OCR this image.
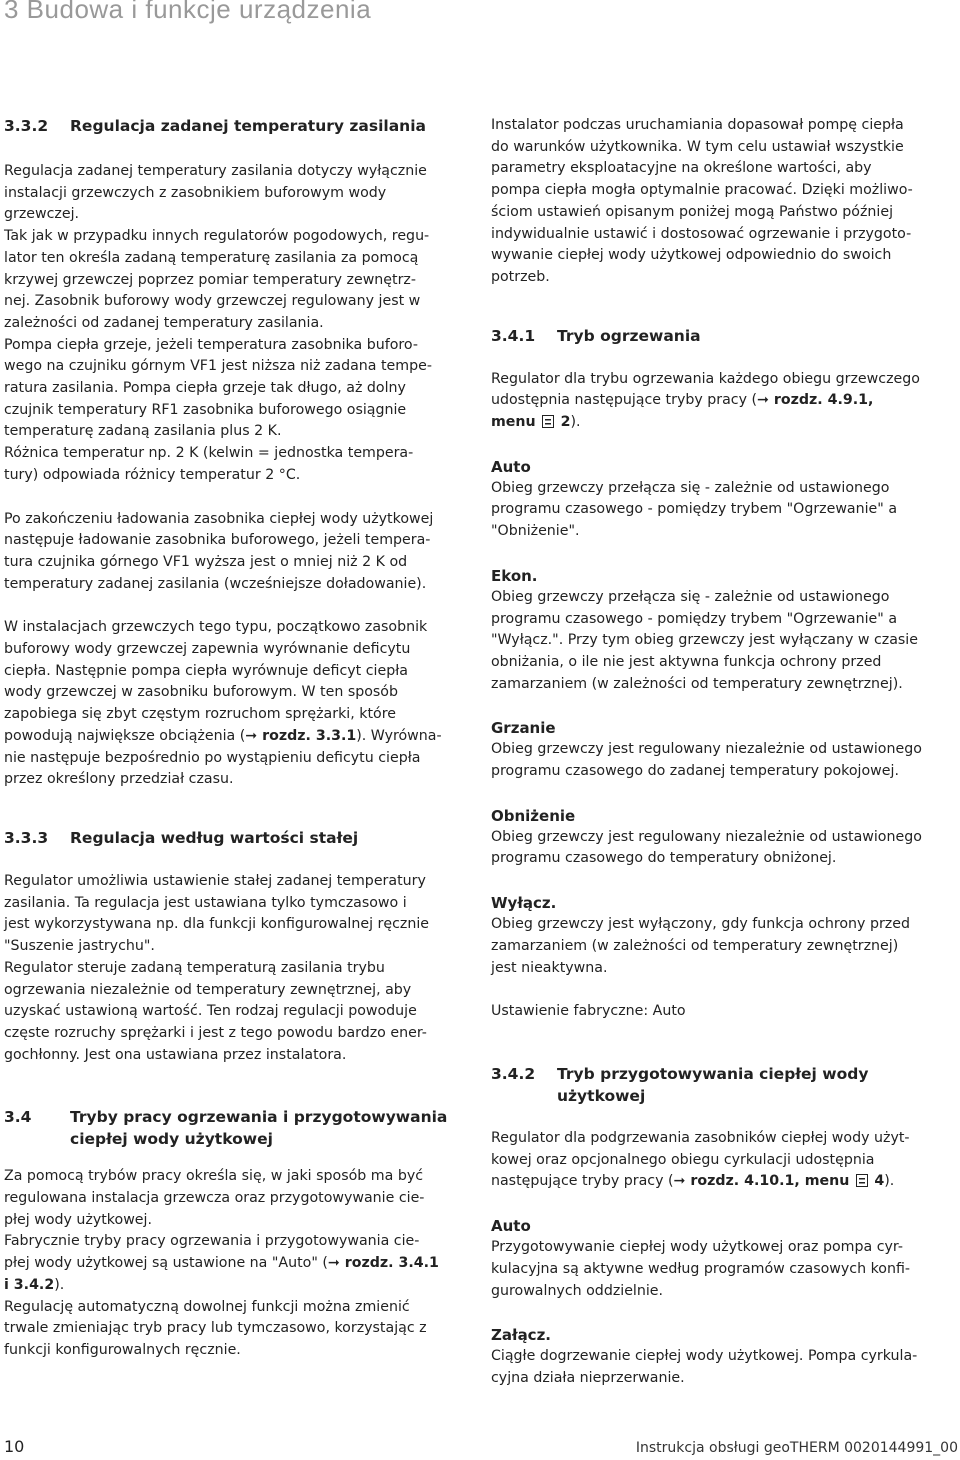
3 Budowa i funkcje urządzenia
3.3.2 Regulacja zadanej temperatury zasilania

Regulacja zadanej temperatury zasilania dotyczy wyłącznie

instalacji grzewczych z zasobnikiem buforowym wody

grzewczej.

Tak jak w przypadku innych regulatorów pogodowych, regu-

lator ten określa zadaną temperaturę zasilania za pomocą

krzywej grzewczej poprzez pomiar temperatury zewnętrz-

nej. Zasobnik buforowy wody grzewczej regulowany jest w

zależności od zadanej temperatury zasilania.

Pompa ciepła grzeje, jeżeli temperatura zasobnika buforo-

wego na czujniku górnym VF1 jest niższa niż zadana tempe-

ratura zasilania. Pompa ciepła grzeje tak długo, aż dolny

czujnik temperatury RF1 zasobnika buforowego osiągnie

temperaturę zadaną zasilania plus 2 K.

Różnica temperatur np. 2 K (kelwin = jednostka tempera-

tury) odpowiada różnicy temperatur 2 °C.

Po zakończeniu ładowania zasobnika ciepłej wody użytkowej

następuje ładowanie zasobnika buforowego, jeżeli tempera-

tura czujnika górnego VF1 wyższa jest o mniej niż 2 K od

temperatury zadanej zasilania (wcześniejsze doładowanie).

W instalacjach grzewczych tego typu, początkowo zasobnik

buforowy wody grzewczej zapewnia wyrównanie deficytu

ciepła. Następnie pompa ciepła wyrównuje deficyt ciepła

wody grzewczej w zasobniku buforowym. W ten sposób

zapobiega się zbyt częstym rozruchom sprężarki, które

powodują największe obciążenia (➞ rozdz. 3.3.1). Wyrówna-

nie następuje bezpośrednio po wystąpieniu deficytu ciepła

przez określony przedział czasu.

3.3.3 Regulacja według wartości stałej

Regulator umożliwia ustawienie stałej zadanej temperatury

zasilania. Ta regulacja jest ustawiana tylko tymczasowo i

jest wykorzystywana np. dla funkcji konfigurowalnej ręcznie

"Suszenie jastrychu".

Regulator steruje zadaną temperaturą zasilania trybu

ogrzewania niezależnie od temperatury zewnętrznej, aby

uzyskać ustawioną wartość. Ten rodzaj regulacji powoduje

częste rozruchy sprężarki i jest z tego powodu bardzo ener-

gochłonny. Jest ona ustawiana przez instalatora.

3.4 Tryby pracy ogrzewania i przygotowywania
ciepłej wody użytkowej

Za pomocą trybów pracy określa się, w jaki sposób ma być

regulowana instalacja grzewcza oraz przygotowywanie cie-

płej wody użytkowej.

Fabrycznie tryby pracy ogrzewania i przygotowywania cie-

płej wody użytkowej są ustawione na "Auto" (➞ rozdz. 3.4.1

i 3.4.2).

Regulację automatyczną dowolnej funkcji można zmienić

trwale zmieniając tryb pracy lub tymczasowo, korzystając z

funkcji konfigurowalnych ręcznie.

Instalator podczas uruchamiania dopasował pompę ciepła

do warunków użytkownika. W tym celu ustawiał wszystkie

parametry eksploatacyjne na określone wartości, aby

pompa ciepła mogła optymalnie pracować. Dzięki możliwo-

ściom ustawień opisanym poniżej mogą Państwo później

indywidualnie ustawić i dostosować ogrzewanie i przygoto-

wywanie ciepłej wody użytkowej odpowiednio do swoich

potrzeb.

3.4.1 Tryb ogrzewania

Regulator dla trybu ogrzewania każdego obiegu grzewczego

udostępnia następujące tryby pracy (➞ rozdz. 4.9.1,

menu 2).

Auto

Obieg grzewczy przełącza się - zależnie od ustawionego

programu czasowego - pomiędzy trybem "Ogrzewanie" a

"Obniżenie".

Ekon.

Obieg grzewczy przełącza się - zależnie od ustawionego

programu czasowego - pomiędzy trybem "Ogrzewanie" a

"Wyłącz.". Przy tym obieg grzewczy jest wyłączany w czasie

obniżania, o ile nie jest aktywna funkcja ochrony przed

zamarzaniem (w zależności od temperatury zewnętrznej).

Grzanie

Obieg grzewczy jest regulowany niezależnie od ustawionego

programu czasowego do zadanej temperatury pokojowej.

Obniżenie

Obieg grzewczy jest regulowany niezależnie od ustawionego

programu czasowego do temperatury obniżonej.

Wyłącz.

Obieg grzewczy jest wyłączony, gdy funkcja ochrony przed

zamarzaniem (w zależności od temperatury zewnętrznej)

jest nieaktywna.

Ustawienie fabryczne: Auto

3.4.2 Tryb przygotowywania ciepłej wody
użytkowej

Regulator dla podgrzewania zasobników ciepłej wody użyt-

kowej oraz opcjonalnego obiegu cyrkulacji udostępnia

następujące tryby pracy (➞ rozdz. 4.10.1, menu 4).

Auto

Przygotowywanie ciepłej wody użytkowej oraz pompa cyr-

kulacyjna są aktywne według programów czasowych konfi-

gurowalnych oddzielnie.

Załącz.

Ciągłe dogrzewanie ciepłej wody użytkowej. Pompa cyrkula-

cyjna działa nieprzerwanie.

10	Instrukcja obsługi geoTHERM 0020144991_00
